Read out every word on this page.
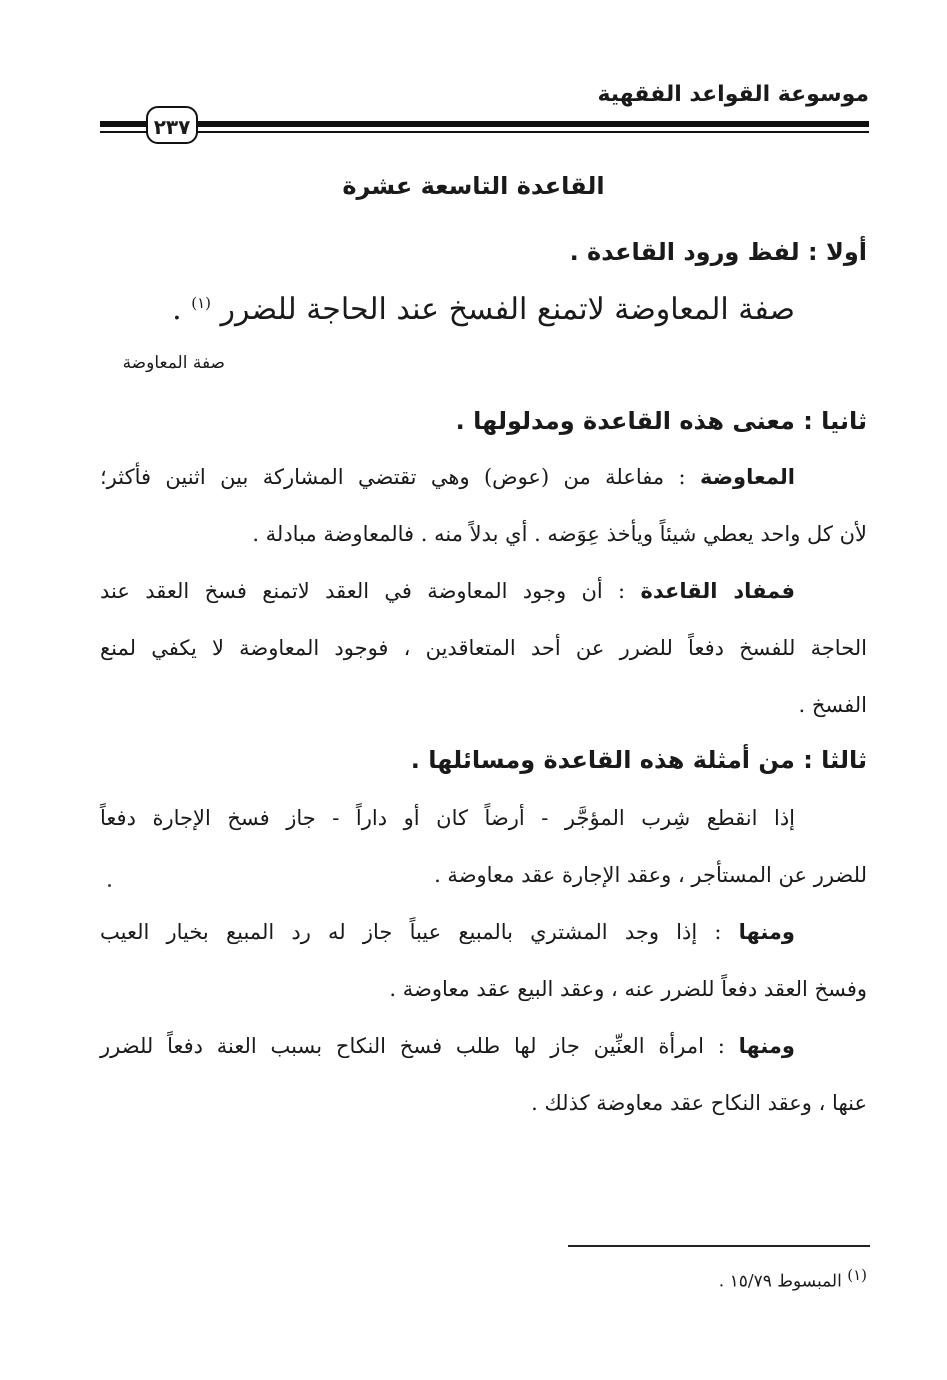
موسوعة القواعد الفقهية
٢٣٧
القاعدة التاسعة عشرة
أولا : لفظ ورود القاعدة .
صفة المعاوضة لاتمنع الفسخ عند الحاجة للضرر $^{(١)}$ .
صفة المعاوضة
ثانيا : معنى هذه القاعدة ومدلولها .
المعاوضة : مفاعلة من (عوض) وهي تقتضي المشاركة بين اثنين فأكثر؛
لأن كل واحد يعطي شيئاً ويأخذ عِوَضه . أي بدلاً منه . فالمعاوضة مبادلة .
فمفاد القاعدة : أن وجود المعاوضة في العقد لاتمنع فسخ العقد عند
الحاجة للفسخ دفعاً للضرر عن أحد المتعاقدين ، فوجود المعاوضة لا يكفي لمنع
الفسخ .
ثالثا : من أمثلة هذه القاعدة ومسائلها .
إذا انقطع شِرب المؤجَّر - أرضاً كان أو داراً - جاز فسخ الإجارة دفعاً
للضرر عن المستأجر ، وعقد الإجارة عقد معاوضة .
ومنها : إذا وجد المشتري بالمبيع عيباً جاز له رد المبيع بخيار العيب
وفسخ العقد دفعاً للضرر عنه ، وعقد البيع عقد معاوضة .
ومنها : امرأة العنِّين جاز لها طلب فسخ النكاح بسبب العنة دفعاً للضرر
عنها ، وعقد النكاح عقد معاوضة كذلك .
(١) المبسوط ١٥/٧٩ .
